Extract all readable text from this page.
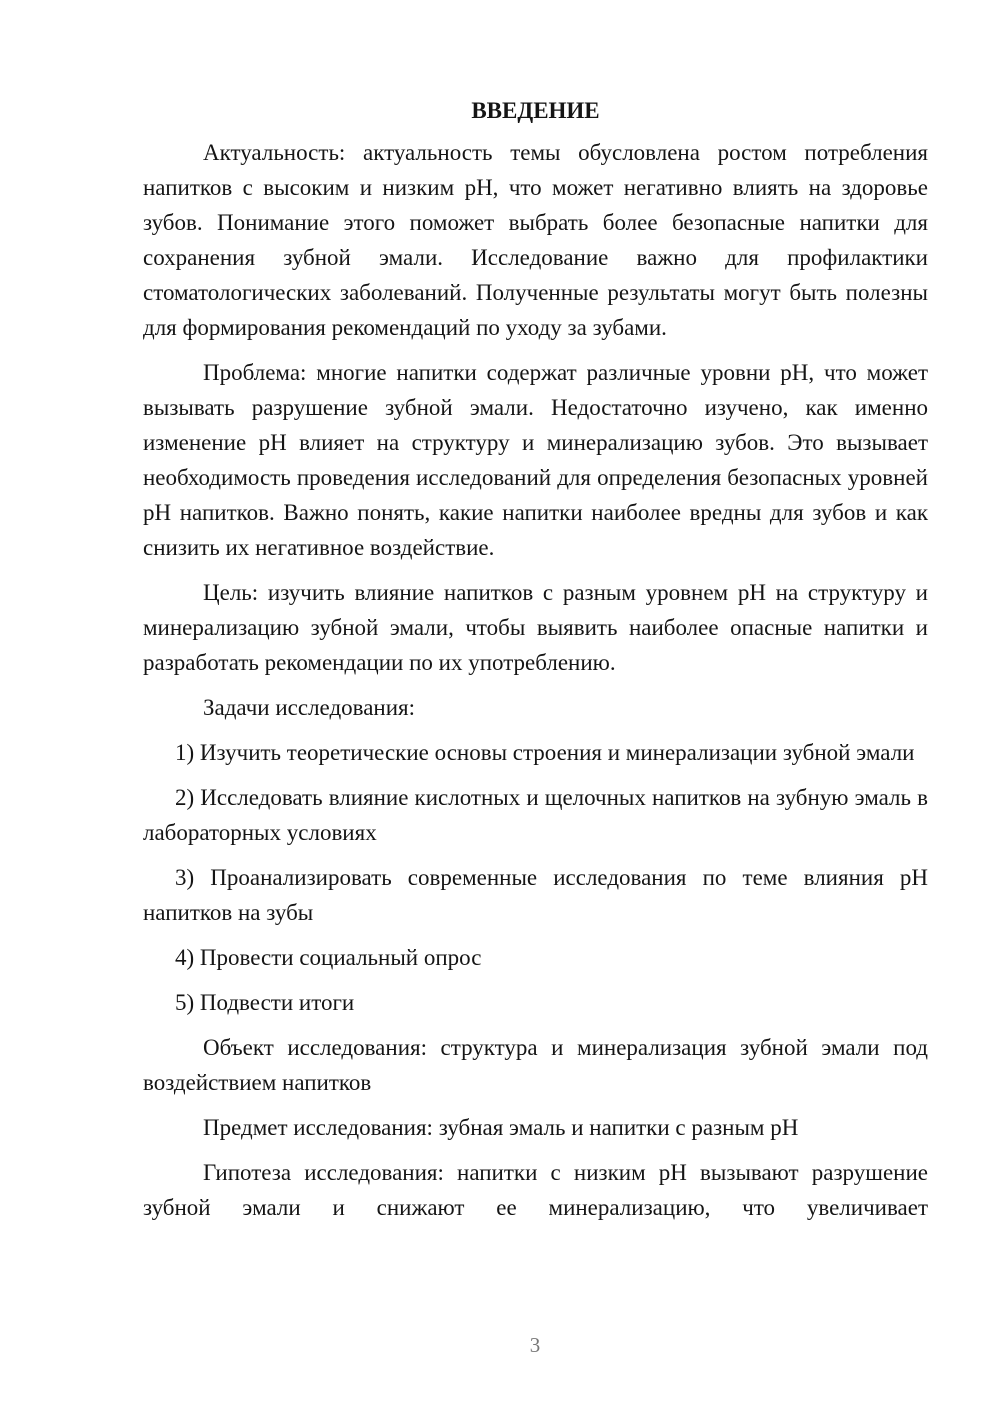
ВВЕДЕНИЕ

Актуальность: актуальность темы обусловлена ростом потребления напитков с высоким и низким pH, что может негативно влиять на здоровье зубов. Понимание этого поможет выбрать более безопасные напитки для сохранения зубной эмали. Исследование важно для профилактики стоматологических заболеваний. Полученные результаты могут быть полезны для формирования рекомендаций по уходу за зубами.

Проблема: многие напитки содержат различные уровни pH, что может вызывать разрушение зубной эмали. Недостаточно изучено, как именно изменение pH влияет на структуру и минерализацию зубов. Это вызывает необходимость проведения исследований для определения безопасных уровней pH напитков. Важно понять, какие напитки наиболее вредны для зубов и как снизить их негативное воздействие.

Цель: изучить влияние напитков с разным уровнем pH на структуру и минерализацию зубной эмали, чтобы выявить наиболее опасные напитки и разработать рекомендации по их употреблению.

Задачи исследования:

1) Изучить теоретические основы строения и минерализации зубной эмали

2) Исследовать влияние кислотных и щелочных напитков на зубную эмаль в лабораторных условиях

3) Проанализировать современные исследования по теме влияния pH напитков на зубы

4) Провести социальный опрос

5) Подвести итоги

Объект исследования: структура и минерализация зубной эмали под воздействием напитков

Предмет исследования: зубная эмаль и напитки с разным pH

Гипотеза исследования: напитки с низким pH вызывают разрушение зубной эмали и снижают ее минерализацию, что увеличивает

3
